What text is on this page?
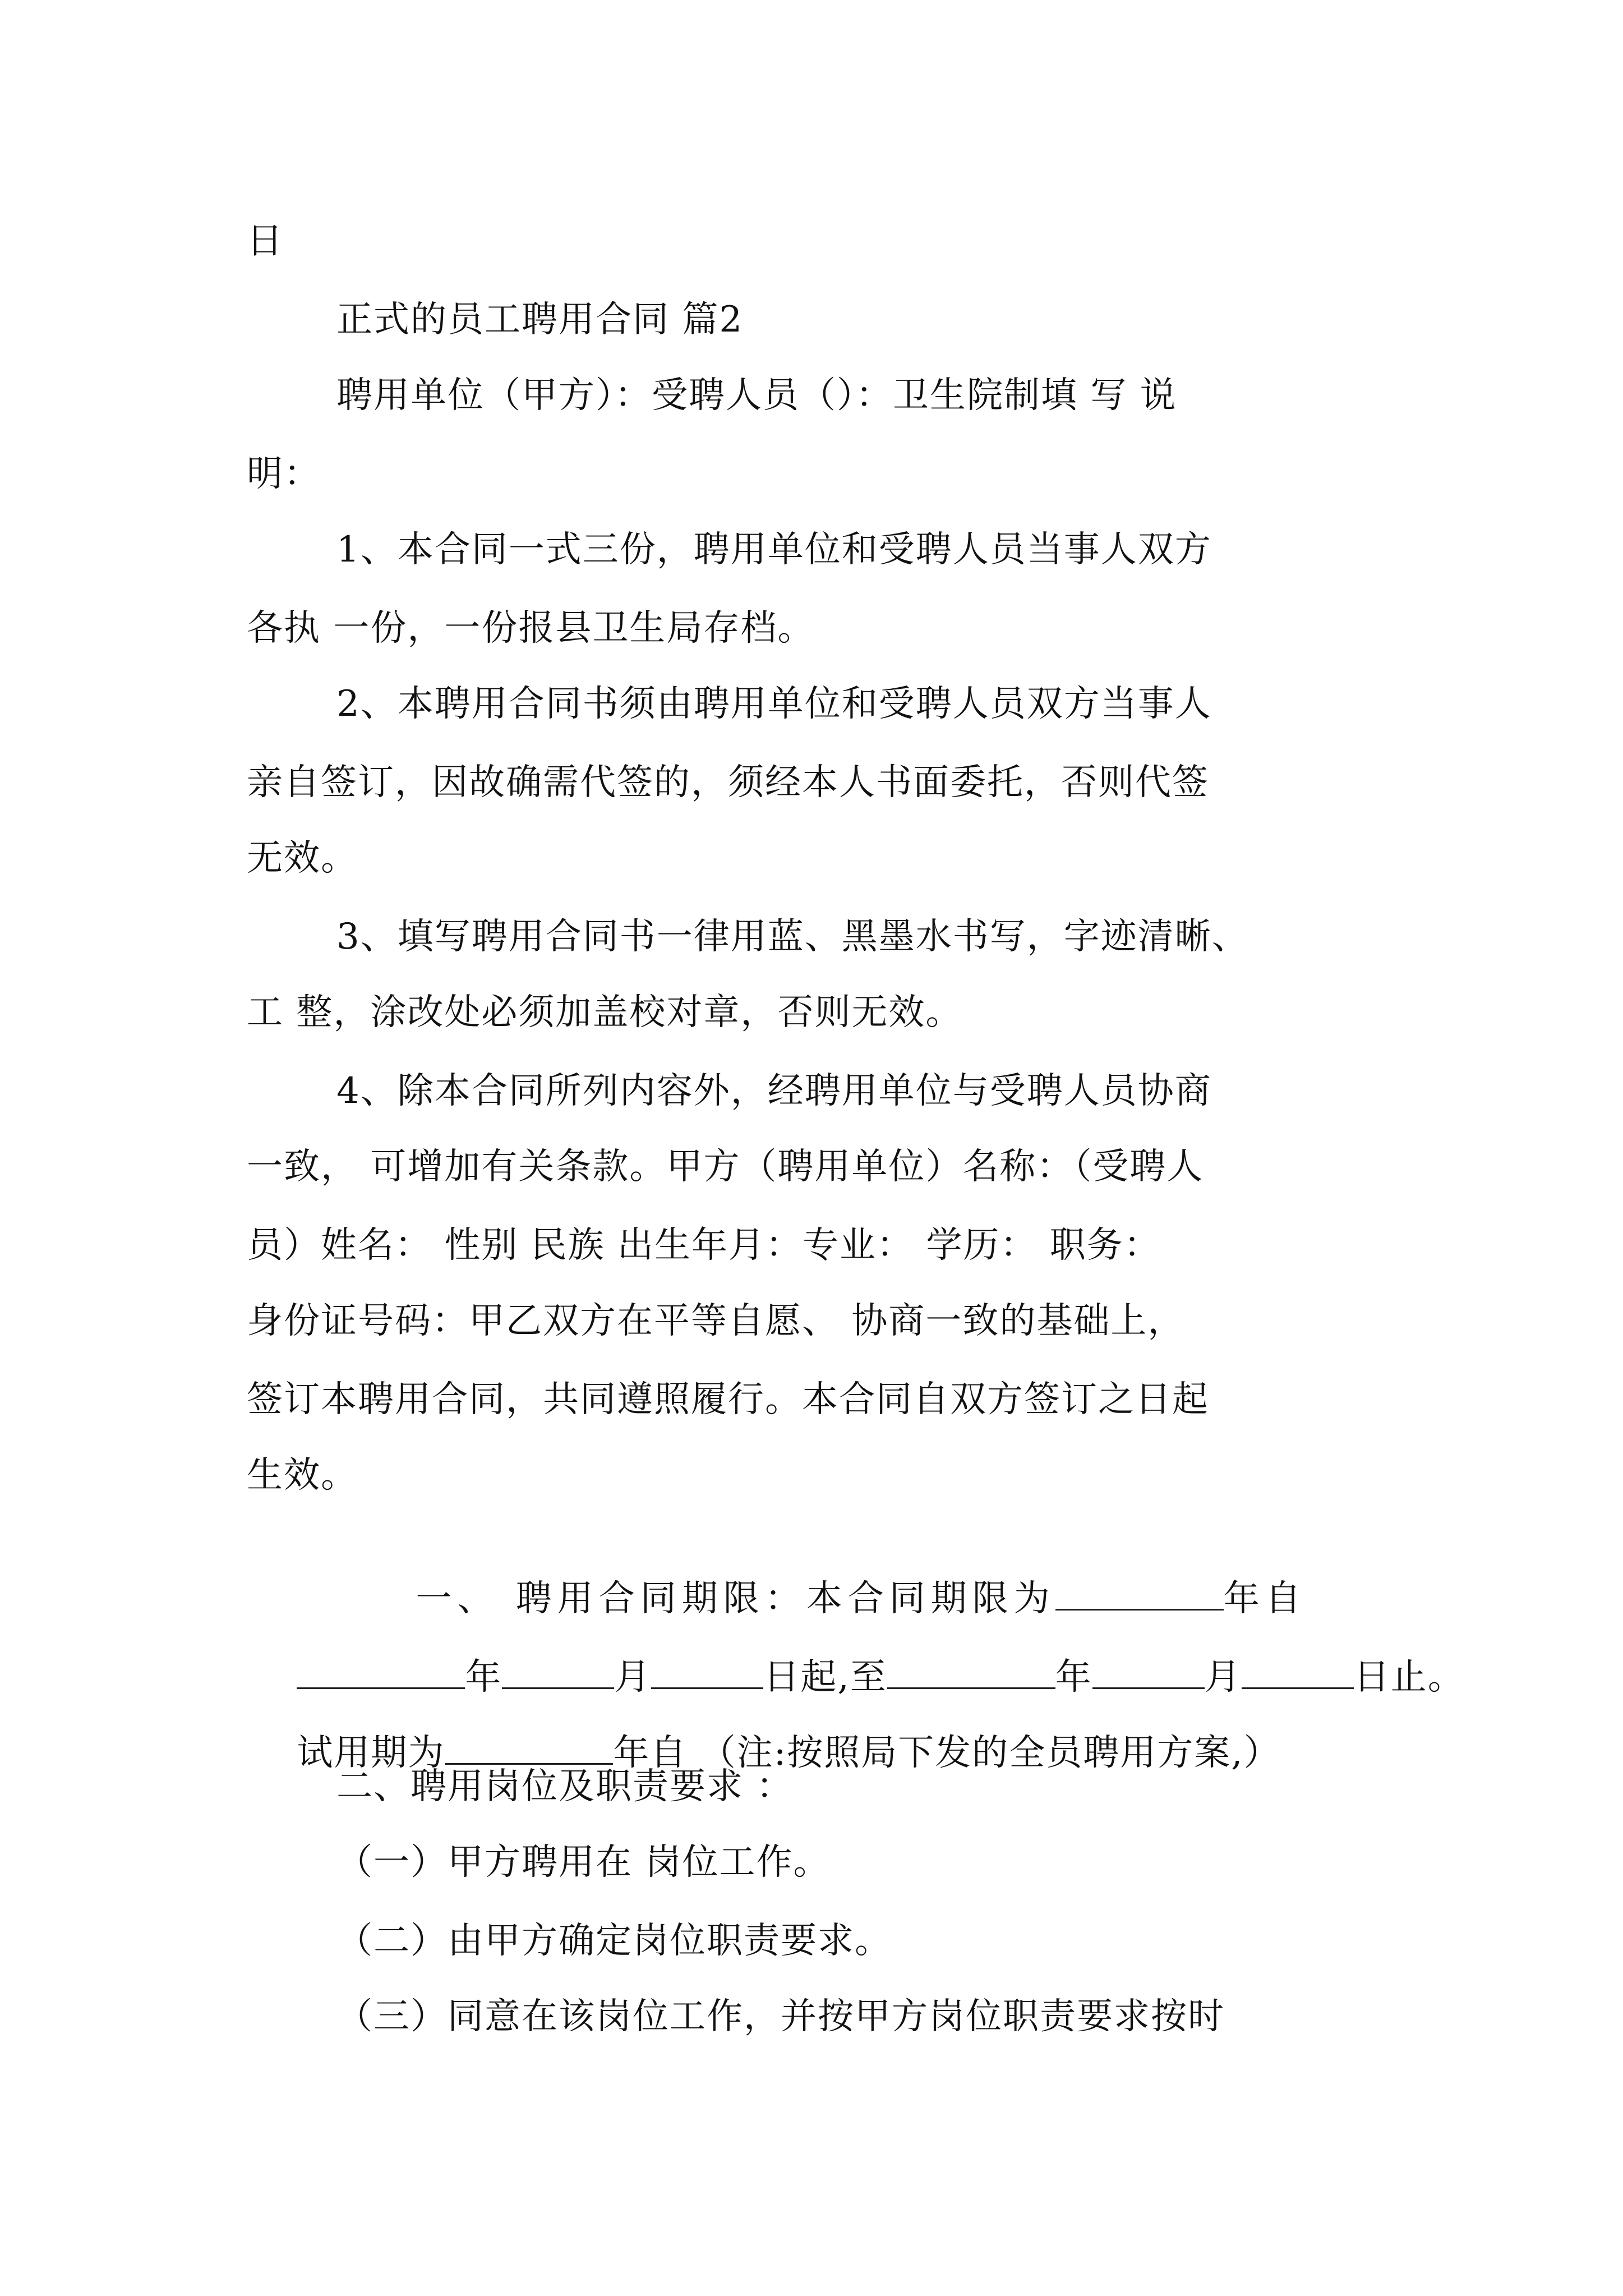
日
正式的员工聘用合同 篇2
聘用单位（甲方）：受聘人员（）：卫生院制填 写 说
明：
1、本合同一式三份，聘用单位和受聘人员当事人双方
各执 一份，一份报县卫生局存档。
2、本聘用合同书须由聘用单位和受聘人员双方当事人
亲自签订，因故确需代签的，须经本人书面委托，否则代签
无效。
3、填写聘用合同书一律用蓝、黑墨水书写，字迹清晰、
工 整，涂改处必须加盖校对章，否则无效。
4、除本合同所列内容外，经聘用单位与受聘人员协商
一致， 可增加有关条款。甲方（聘用单位）名称：（受聘人
员）姓名： 性别 民族 出生年月：专业： 学历： 职务：
身份证号码：甲乙双方在平等自愿、 协商一致的基础上，
签订本聘用合同，共同遵照履行。本合同自双方签订之日起
生效。

一、 聘用合同期限：本合同期限为	年自

年	月	日起,至	年	月	日止。

试用期为	年自 （注:按照局下发的全员聘用方案,）

二、聘用岗位及职责要求 ：
（一）甲方聘用在 岗位工作。
（二）由甲方确定岗位职责要求。
（三）同意在该岗位工作，并按甲方岗位职责要求按时
